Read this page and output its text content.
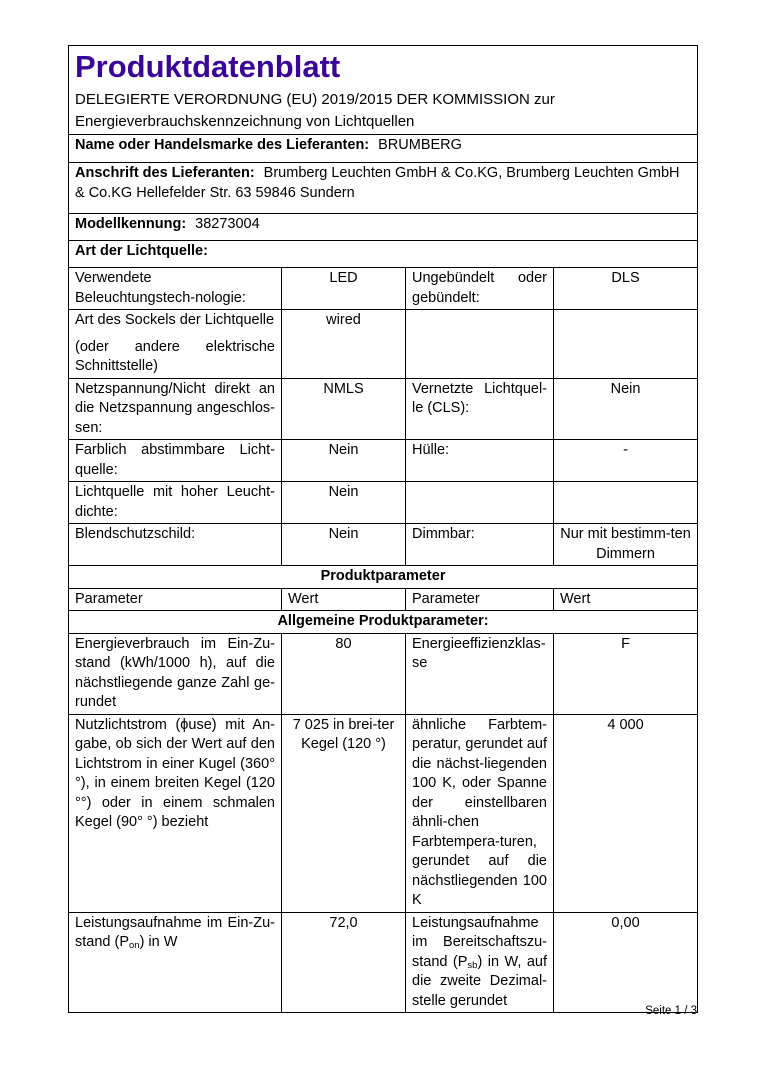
Produktdatenblatt
DELEGIERTE VERORDNUNG (EU) 2019/2015 DER KOMMISSION zur
Energieverbrauchskennzeichnung von Lichtquellen

Name oder Handelsmarke des Lieferanten: BRUMBERG			
Anschrift des Lieferanten: Brumberg Leuchten GmbH & Co.KG, Brumberg Leuchten GmbH & Co.KG Hellefelder Str. 63 59846 Sundern			
Modellkennung: 38273004			
Art der Lichtquelle:			
Verwendete Beleuchtungstech-nologie:	LED	Ungebündelt oder gebündelt:	DLS

Art des Sockels der Lichtquelle
(oder andere elektrische Schnittstelle)	wired		
Netzspannung/Nicht direkt an die Netzspannung angeschlos-sen:	NMLS	Vernetzte Lichtquel-le (CLS):	Nein
Farblich abstimmbare Licht-quelle:	Nein	Hülle:	-
Lichtquelle mit hoher Leucht-dichte:	Nein		
Blendschutzschild:	Nein	Dimmbar:	Nur mit bestimm-ten Dimmern
Produktparameter			
Parameter	Wert	Parameter	Wert
Allgemeine Produktparameter:			
Energieverbrauch im Ein-Zu-stand (kWh/1000 h), auf die nächstliegende ganze Zahl ge-rundet	80	Energieeffizienzklas-se	F
Nutzlichtstrom (ϕuse) mit An-gabe, ob sich der Wert auf den Lichtstrom in einer Kugel (360° °), in einem breiten Kegel (120 °°) oder in einem schmalen Kegel (90° °) bezieht	7 025 in brei-ter Kegel (120 °)	ähnliche Farbtem-peratur, gerundet auf die nächst-liegenden 100 K, oder Spanne der einstellbaren ähnli-chen Farbtempera-turen, gerundet auf die nächstliegenden 100 K	4 000
Leistungsaufnahme im Ein-Zu-stand $(P_{on})$ in W	72,0	Leistungsaufnahme im Bereitschaftszu-stand $(P_{sb})$ in W, auf die zweite Dezimal-stelle gerundet	0,00
Seite 1 / 3
